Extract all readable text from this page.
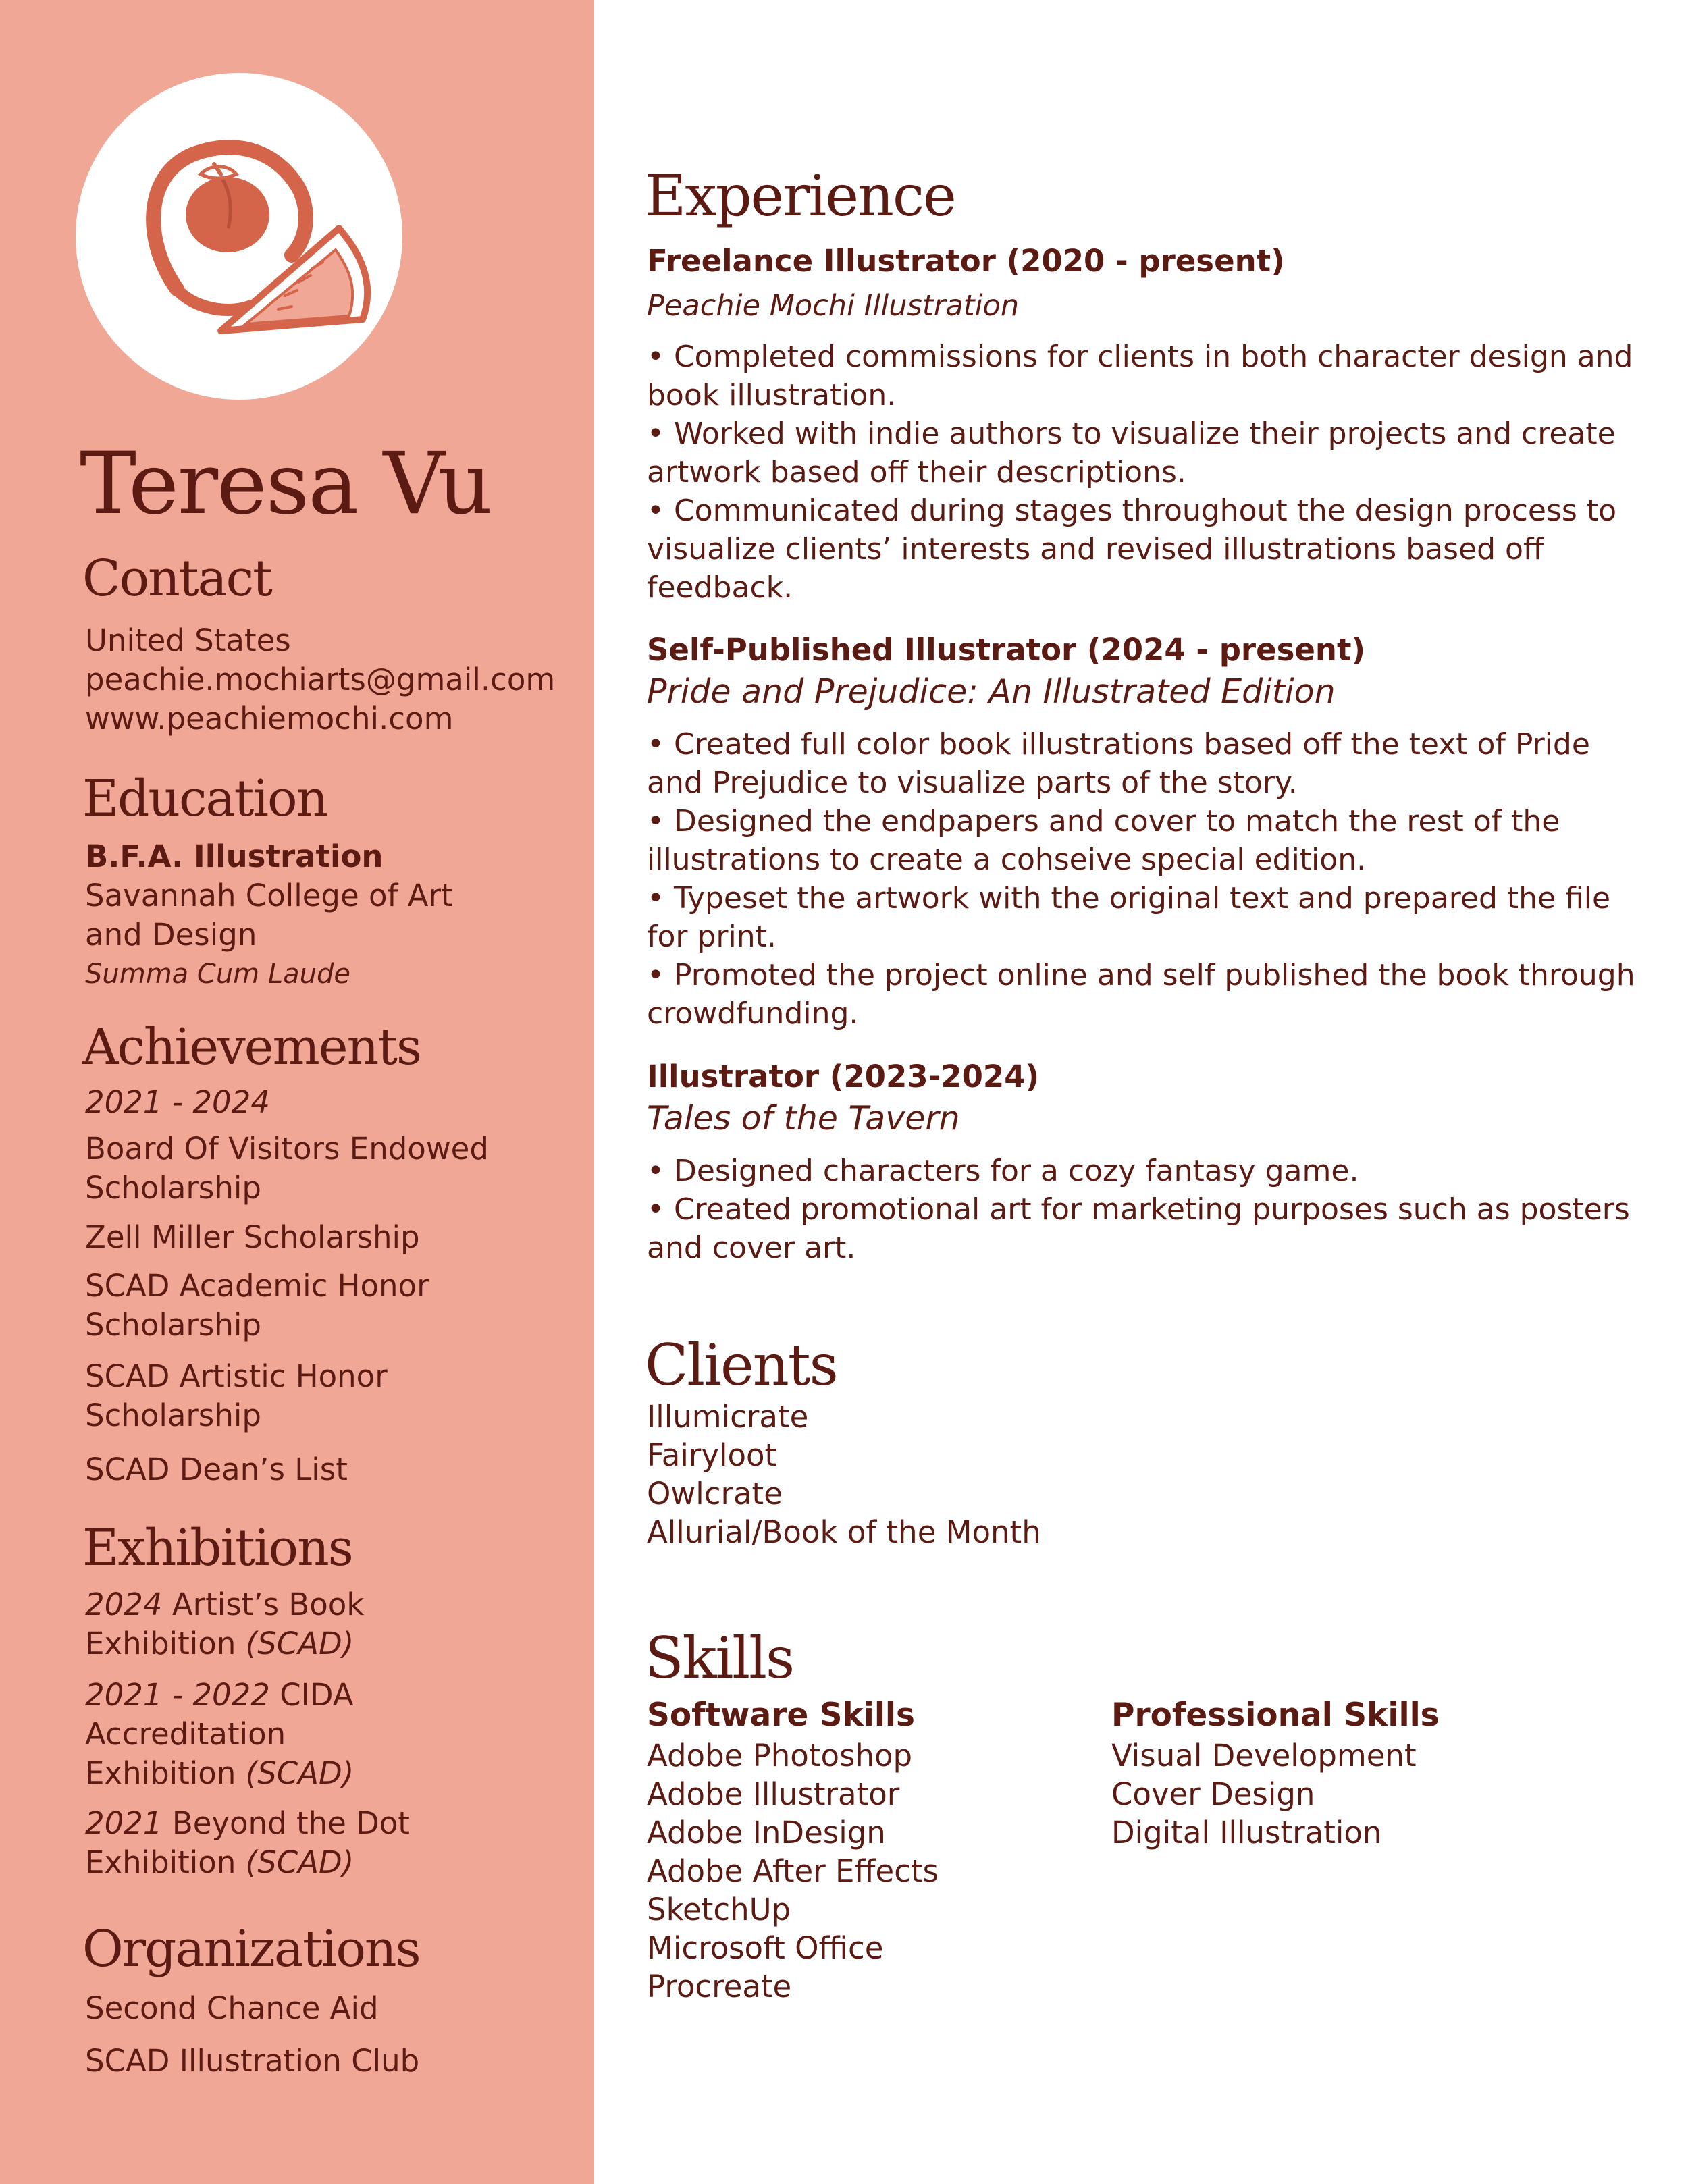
Teresa Vu
Contact
United States
peachie.mochiarts@gmail.com
www.peachiemochi.com
Education
B.F.A. Illustration
Savannah College of Art
and Design
Summa Cum Laude
Achievements
2021 - 2024
Board Of Visitors Endowed
Scholarship
Zell Miller Scholarship
SCAD Academic Honor
Scholarship
SCAD Artistic Honor
Scholarship
SCAD Dean’s List
Exhibitions
2024 Artist’s Book
Exhibition (SCAD)
2021 - 2022 CIDA
Accreditation
Exhibition (SCAD)
2021 Beyond the Dot
Exhibition (SCAD)
Organizations
Second Chance Aid
SCAD Illustration Club
Experience
Freelance Illustrator (2020 - present)
Peachie Mochi Illustration
• Completed commissions for clients in both character design and book illustration.
• Worked with indie authors to visualize their projects and create artwork based off their descriptions.
• Communicated during stages throughout the design process to visualize clients’ interests and revised illustrations based off feedback.
Self-Published Illustrator (2024 - present)
Pride and Prejudice: An Illustrated Edition
• Created full color book illustrations based off the text of Pride and Prejudice to visualize parts of the story.
• Designed the endpapers and cover to match the rest of the illustrations to create a cohseive special edition.
• Typeset the artwork with the original text and prepared the file for print.
• Promoted the project online and self published the book through crowdfunding.
Illustrator (2023-2024)
Tales of the Tavern
• Designed characters for a cozy fantasy game.
• Created promotional art for marketing purposes such as posters and cover art.
Clients
Illumicrate
Fairyloot
Owlcrate
Allurial/Book of the Month
Skills
Software Skills
Adobe Photoshop
Adobe Illustrator
Adobe InDesign
Adobe After Effects
SketchUp
Microsoft Office
Procreate
Professional Skills
Visual Development
Cover Design
Digital Illustration
